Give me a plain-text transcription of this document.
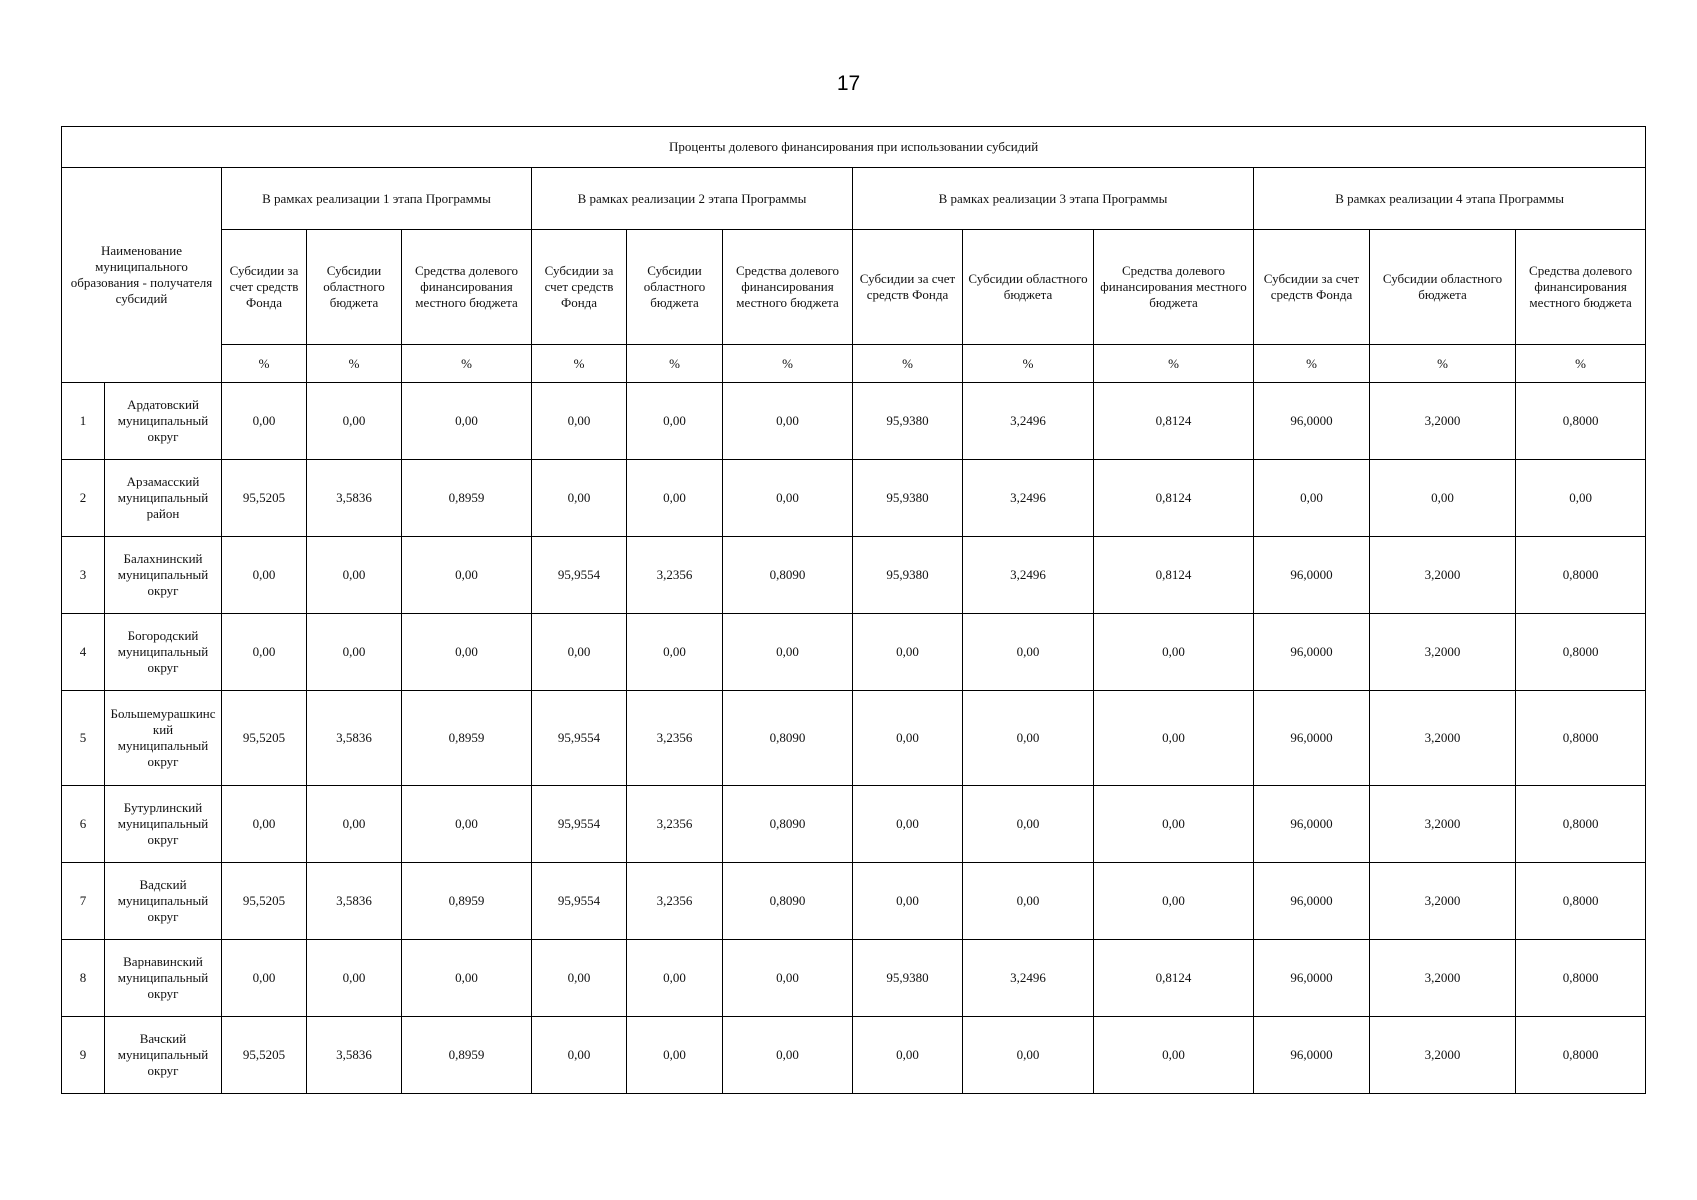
17
Проценты долевого финансирования при использовании субсидий													
Наименование муниципального образования - получателя субсидий		В рамках реализации 1 этапа Программы			В рамках реализации 2 этапа Программы			В рамках реализации 3 этапа Программы			В рамках реализации 4 этапа Программы		
		Субсидии за счет средств Фонда	Субсидии областного бюджета	Средства долевого финансирования местного бюджета	Субсидии за счет средств Фонда	Субсидии областного бюджета	Средства долевого финансирования местного бюджета	Субсидии за счет средств Фонда	Субсидии областного бюджета	Средства долевого финансирования местного бюджета	Субсидии за счет средств Фонда	Субсидии областного бюджета	Средства долевого финансирования местного бюджета
		%	%	%	%	%	%	%	%	%	%	%	%
1	Ардатовский муниципальный округ	0,00	0,00	0,00	0,00	0,00	0,00	95,9380	3,2496	0,8124	96,0000	3,2000	0,8000
2	Арзамасский муниципальный район	95,5205	3,5836	0,8959	0,00	0,00	0,00	95,9380	3,2496	0,8124	0,00	0,00	0,00
3	Балахнинский муниципальный округ	0,00	0,00	0,00	95,9554	3,2356	0,8090	95,9380	3,2496	0,8124	96,0000	3,2000	0,8000
4	Богородский муниципальный округ	0,00	0,00	0,00	0,00	0,00	0,00	0,00	0,00	0,00	96,0000	3,2000	0,8000
5	Большемурашкинский муниципальный округ	95,5205	3,5836	0,8959	95,9554	3,2356	0,8090	0,00	0,00	0,00	96,0000	3,2000	0,8000
6	Бутурлинский муниципальный округ	0,00	0,00	0,00	95,9554	3,2356	0,8090	0,00	0,00	0,00	96,0000	3,2000	0,8000
7	Вадский муниципальный округ	95,5205	3,5836	0,8959	95,9554	3,2356	0,8090	0,00	0,00	0,00	96,0000	3,2000	0,8000
8	Варнавинский муниципальный округ	0,00	0,00	0,00	0,00	0,00	0,00	95,9380	3,2496	0,8124	96,0000	3,2000	0,8000
9	Вачский муниципальный округ	95,5205	3,5836	0,8959	0,00	0,00	0,00	0,00	0,00	0,00	96,0000	3,2000	0,8000
